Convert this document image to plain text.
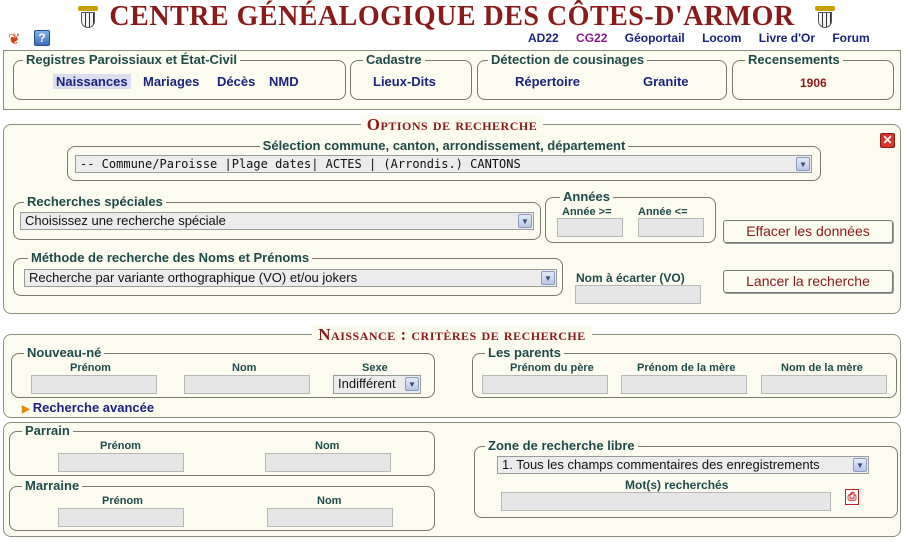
CENTRE GÉNÉALOGIQUE DES CÔTES-D'ARMOR
❦	?	AD22 CG22 Géoportail Locom Livre d'Or Forum
Registres Paroissiaux et État-Civil
Naissances Mariages Décès NMD
Cadastre
Lieux-Dits
Détection de cousinages
Répertoire	Granite
Recensements
1906
Options de recherche
Sélection commune, canton, arrondissement, département
-- Commune/Paroisse |Plage dates| ACTES | (Arrondis.) CANTONS	▼
Recherches spéciales
Choisissez une recherche spéciale	▼
Années
Année >= Année <=
Effacer les données
Méthode de recherche des Noms et Prénoms
Recherche par variante orthographique (VO) et/ou jokers	▼ Nom à écarter (VO)	Lancer la recherche
✕
Naissance : critères de recherche
Nouveau-né
Prénom	Nom	Sexe
Indifférent	▼
Les parents
Prénom du père	Prénom de la mère	Nom de la mère
▶ Recherche avancée
Parrain
Prénom	Nom
Marraine
Prénom	Nom
Zone de recherche libre
1. Tous les champs commentaires des enregistrements	▼
Mot(s) recherchés
⎙
